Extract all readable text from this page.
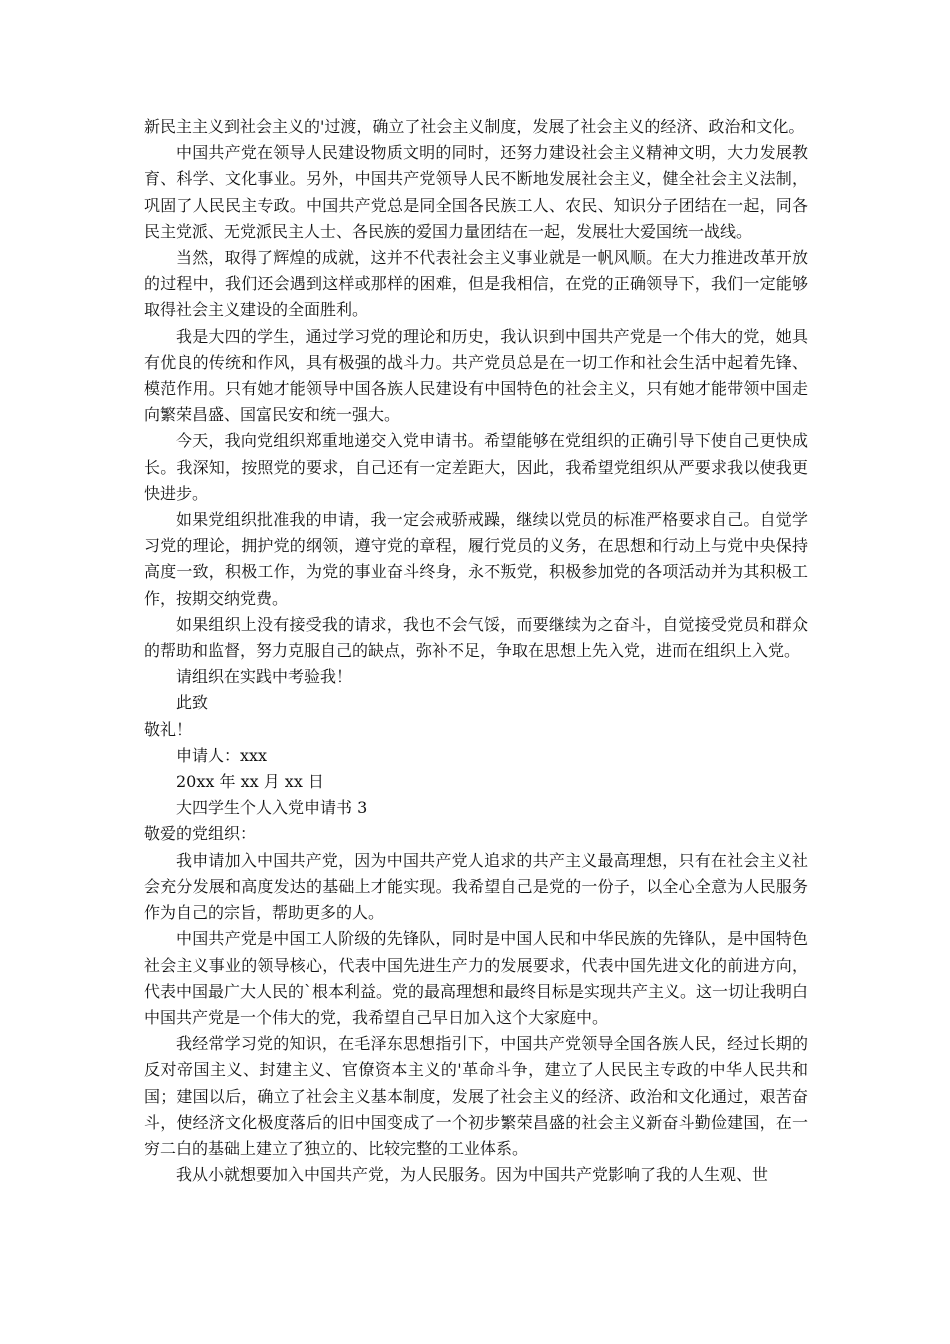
新民主主义到社会主义的'过渡，确立了社会主义制度，发展了社会主义的经济、政治和文化。

中国共产党在领导人民建设物质文明的同时，还努力建设社会主义精神文明，大力发展教育、科学、文化事业。另外，中国共产党领导人民不断地发展社会主义，健全社会主义法制，巩固了人民民主专政。中国共产党总是同全国各民族工人、农民、知识分子团结在一起，同各民主党派、无党派民主人士、各民族的爱国力量团结在一起，发展壮大爱国统一战线。

当然，取得了辉煌的成就，这并不代表社会主义事业就是一帆风顺。在大力推进改革开放的过程中，我们还会遇到这样或那样的困难，但是我相信，在党的正确领导下，我们一定能够取得社会主义建设的全面胜利。

我是大四的学生，通过学习党的理论和历史，我认识到中国共产党是一个伟大的党，她具有优良的传统和作风，具有极强的战斗力。共产党员总是在一切工作和社会生活中起着先锋、模范作用。只有她才能领导中国各族人民建设有中国特色的社会主义，只有她才能带领中国走向繁荣昌盛、国富民安和统一强大。

今天，我向党组织郑重地递交入党申请书。希望能够在党组织的正确引导下使自己更快成长。我深知，按照党的要求，自己还有一定差距大，因此，我希望党组织从严要求我以使我更快进步。

如果党组织批准我的申请，我一定会戒骄戒躁，继续以党员的标准严格要求自己。自觉学习党的理论，拥护党的纲领，遵守党的章程，履行党员的义务，在思想和行动上与党中央保持高度一致，积极工作，为党的事业奋斗终身，永不叛党，积极参加党的各项活动并为其积极工作，按期交纳党费。

如果组织上没有接受我的请求，我也不会气馁，而要继续为之奋斗，自觉接受党员和群众的帮助和监督，努力克服自己的缺点，弥补不足，争取在思想上先入党，进而在组织上入党。

请组织在实践中考验我！

此致

敬礼！

申请人：xxx

20xx 年 xx 月 xx 日

大四学生个人入党申请书 3

敬爱的党组织：

我申请加入中国共产党，因为中国共产党人追求的共产主义最高理想，只有在社会主义社会充分发展和高度发达的基础上才能实现。我希望自己是党的一份子，以全心全意为人民服务作为自己的宗旨，帮助更多的人。

中国共产党是中国工人阶级的先锋队，同时是中国人民和中华民族的先锋队，是中国特色社会主义事业的领导核心，代表中国先进生产力的发展要求，代表中国先进文化的前进方向，代表中国最广大人民的`根本利益。党的最高理想和最终目标是实现共产主义。这一切让我明白中国共产党是一个伟大的党，我希望自己早日加入这个大家庭中。

我经常学习党的知识，在毛泽东思想指引下，中国共产党领导全国各族人民，经过长期的反对帝国主义、封建主义、官僚资本主义的'革命斗争，建立了人民民主专政的中华人民共和国；建国以后，确立了社会主义基本制度，发展了社会主义的经济、政治和文化通过，艰苦奋斗，使经济文化极度落后的旧中国变成了一个初步繁荣昌盛的社会主义新奋斗勤俭建国，在一穷二白的基础上建立了独立的、比较完整的工业体系。

我从小就想要加入中国共产党，为人民服务。因为中国共产党影响了我的人生观、世
